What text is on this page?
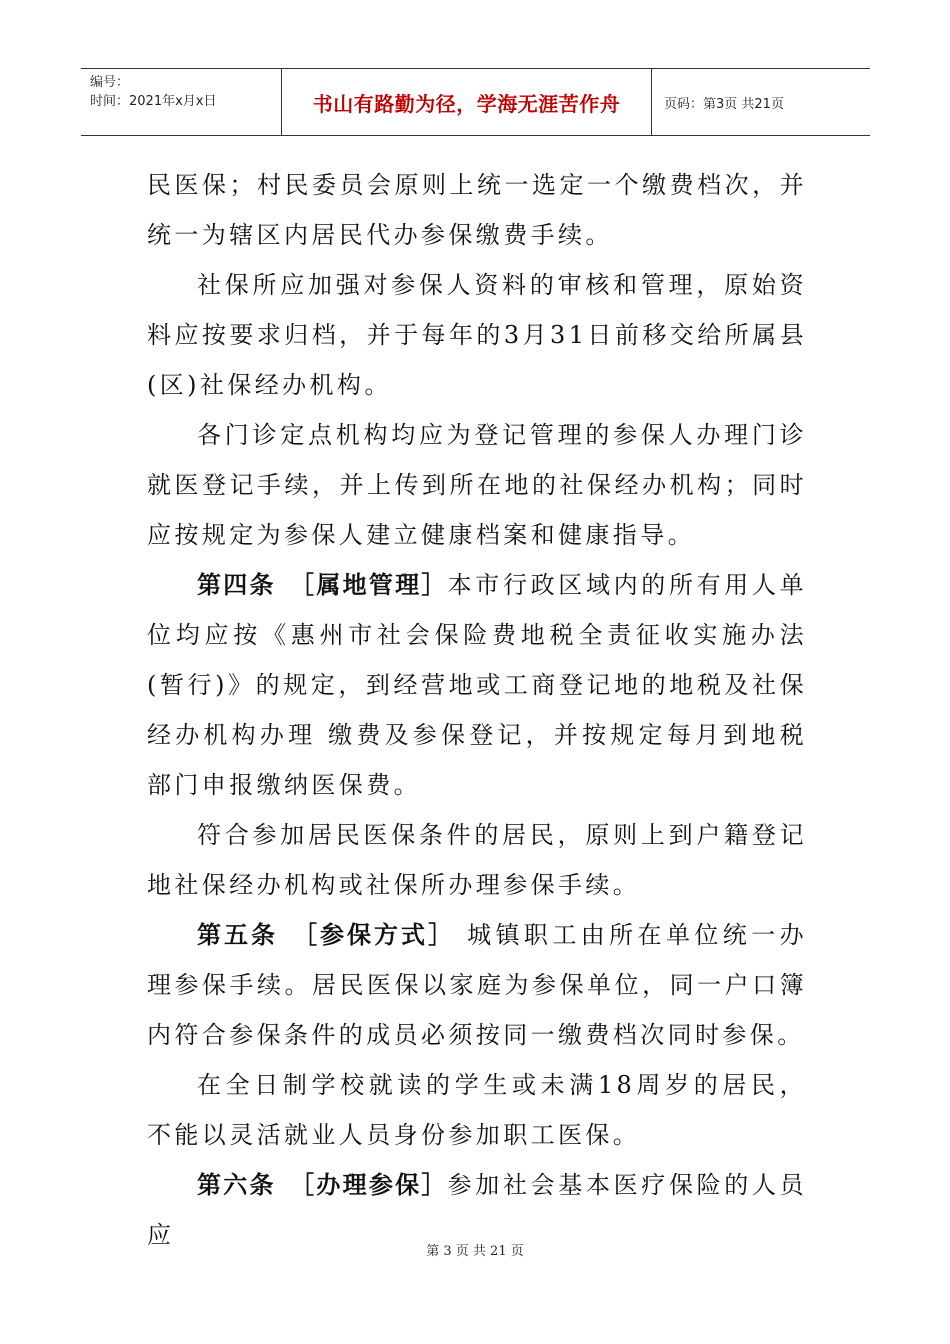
编号：
时间：2021年x月x日	书山有路勤为径，学海无涯苦作舟	页码：第3页 共21页

民医保；村民委员会原则上统一选定一个缴费档次，并统一为辖区内居民代办参保缴费手续。

社保所应加强对参保人资料的审核和管理，原始资料应按要求归档，并于每年的3月31日前移交给所属县(区)社保经办机构。

各门诊定点机构均应为登记管理的参保人办理门诊就医登记手续，并上传到所在地的社保经办机构；同时应按规定为参保人建立健康档案和健康指导。

第四条　［属地管理］本市行政区域内的所有用人单位均应按《惠州市社会保险费地税全责征收实施办法(暂行)》的规定，到经营地或工商登记地的地税及社保经办机构办理 缴费及参保登记，并按规定每月到地税部门申报缴纳医保费。

符合参加居民医保条件的居民，原则上到户籍登记地社保经办机构或社保所办理参保手续。

第五条　［参保方式］ 城镇职工由所在单位统一办理参保手续。居民医保以家庭为参保单位，同一户口簿内符合参保条件的成员必须按同一缴费档次同时参保。

在全日制学校就读的学生或未满18周岁的居民，不能以灵活就业人员身份参加职工医保。

第六条　［办理参保］参加社会基本医疗保险的人员应

第 3 页 共 21 页
